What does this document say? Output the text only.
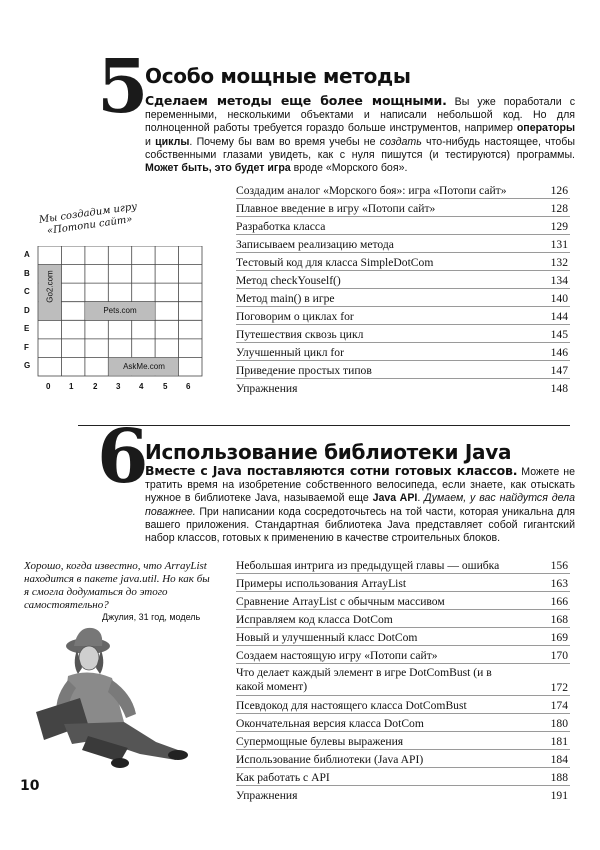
5
Особо мощные методы
Сделаем методы еще более мощными. Вы уже поработали с переменными, несколькими объектами и написали небольшой код. Но для полноценной работы требуется гораздо больше инструментов, например операторы и циклы. Почему бы вам во время учебы не создать что-нибудь настоящее, чтобы собственными глазами увидеть, как с нуля пишутся (и тестируются) программы. Может быть, это будет игра вроде «Морского боя».
Мы создадим игру «Потопи сайт»
A
B
C
D
E
F
G
0 1 2 3 4 5 6
Go2.com
Pets.com
AskMe.com
Создадим аналог «Морского боя»: игра «Потопи сайт»	126
Плавное введение в игру «Потопи сайт»	128
Разработка класса	129
Записываем реализацию метода	131
Тестовый код для класса SimpleDotCom	132
Метод checkYouself()	134
Метод main() в игре	140
Поговорим о циклах for	144
Путешествия сквозь цикл	145
Улучшенный цикл for	146
Приведение простых типов	147
Упражнения	148
6
Использование библиотеки Java
Вместе с Java поставляются сотни готовых классов. Можете не тратить время на изобретение собственного велосипеда, если знаете, как отыскать нужное в библиотеке Java, называемой еще Java API. Думаем, у вас найдутся дела поважнее. При написании кода сосредоточьтесь на той части, которая уникальна для вашего приложения. Стандартная библиотека Java представляет собой гигантский набор классов, готовых к применению в качестве строительных блоков.
Хорошо, когда известно, что ArrayList находится в пакете java.util. Но как бы я смогла додуматься до этого самостоятельно?
Джулия, 31 год, модель
Небольшая интрига из предыдущей главы — ошибка	156
Примеры использования ArrayList	163
Сравнение ArrayList с обычным массивом	166
Исправляем код класса DotCom	168
Новый и улучшенный класс DotCom	169
Создаем настоящую игру «Потопи сайт»	170
Что делает каждый элемент в игре DotComBust (и в какой момент)	172
Псевдокод для настоящего класса DotComBust	174
Окончательная версия класса DotCom	180
Супермощные булевы выражения	181
Использование библиотеки (Java API)	184
Как работать с API	188
Упражнения	191
10
